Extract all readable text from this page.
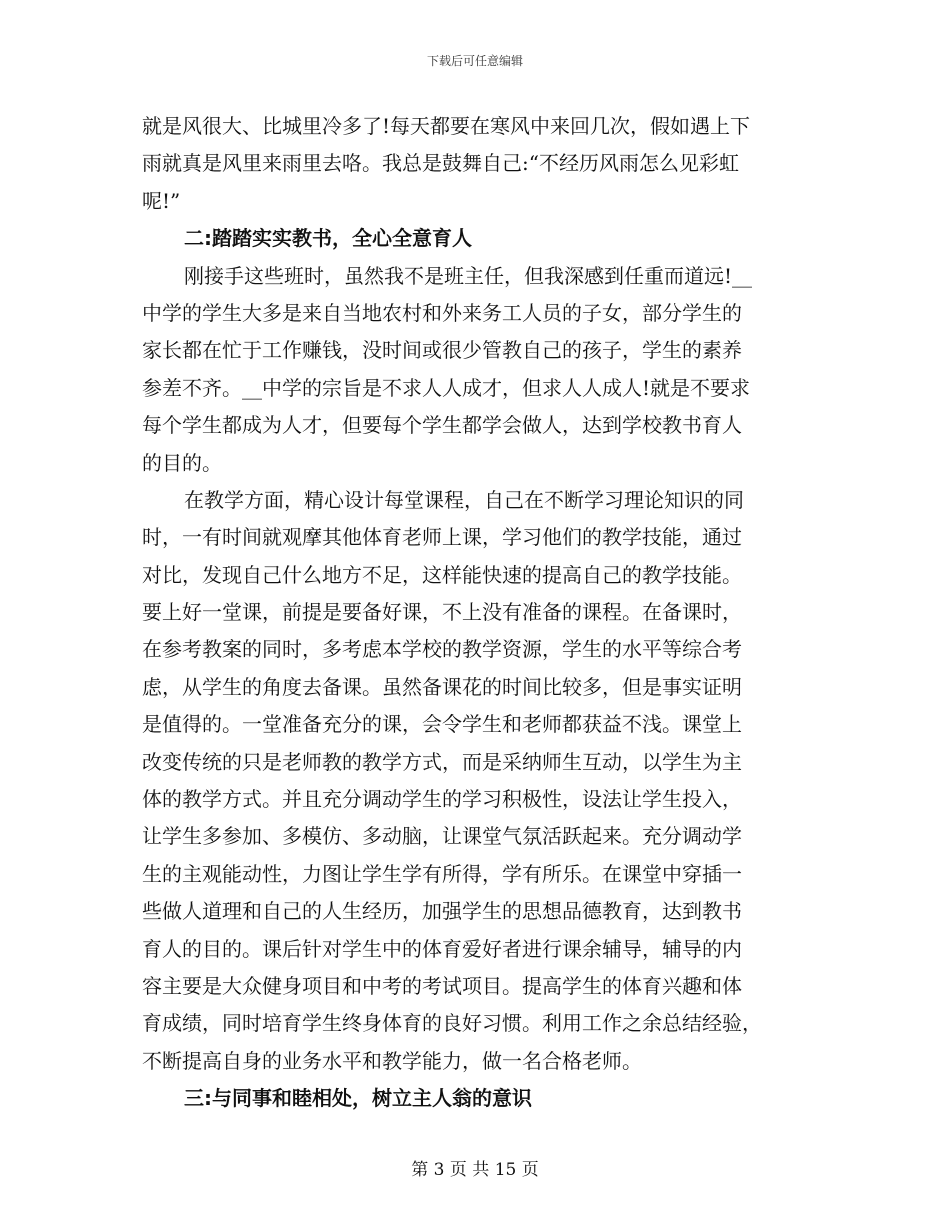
下载后可任意编辑
就是风很大、比城里冷多了!每天都要在寒风中来回几次，假如遇上下
雨就真是风里来雨里去咯。我总是鼓舞自己:“不经历风雨怎么见彩虹
呢!”
二:踏踏实实教书，全心全意育人
刚接手这些班时，虽然我不是班主任，但我深感到任重而道远!__
中学的学生大多是来自当地农村和外来务工人员的子女，部分学生的
家长都在忙于工作赚钱，没时间或很少管教自己的孩子，学生的素养
参差不齐。__中学的宗旨是不求人人成才，但求人人成人!就是不要求
每个学生都成为人才，但要每个学生都学会做人，达到学校教书育人
的目的。
在教学方面，精心设计每堂课程，自己在不断学习理论知识的同
时，一有时间就观摩其他体育老师上课，学习他们的教学技能，通过
对比，发现自己什么地方不足，这样能快速的提高自己的教学技能。
要上好一堂课，前提是要备好课，不上没有准备的课程。在备课时，
在参考教案的同时，多考虑本学校的教学资源，学生的水平等综合考
虑，从学生的角度去备课。虽然备课花的时间比较多，但是事实证明
是值得的。一堂准备充分的课，会令学生和老师都获益不浅。课堂上
改变传统的只是老师教的教学方式，而是采纳师生互动，以学生为主
体的教学方式。并且充分调动学生的学习积极性，设法让学生投入，
让学生多参加、多模仿、多动脑，让课堂气氛活跃起来。充分调动学
生的主观能动性，力图让学生学有所得，学有所乐。在课堂中穿插一
些做人道理和自己的人生经历，加强学生的思想品德教育，达到教书
育人的目的。课后针对学生中的体育爱好者进行课余辅导，辅导的内
容主要是大众健身项目和中考的考试项目。提高学生的体育兴趣和体
育成绩，同时培育学生终身体育的良好习惯。利用工作之余总结经验，
不断提高自身的业务水平和教学能力，做一名合格老师。
三:与同事和睦相处，树立主人翁的意识
第 3 页 共 15 页
